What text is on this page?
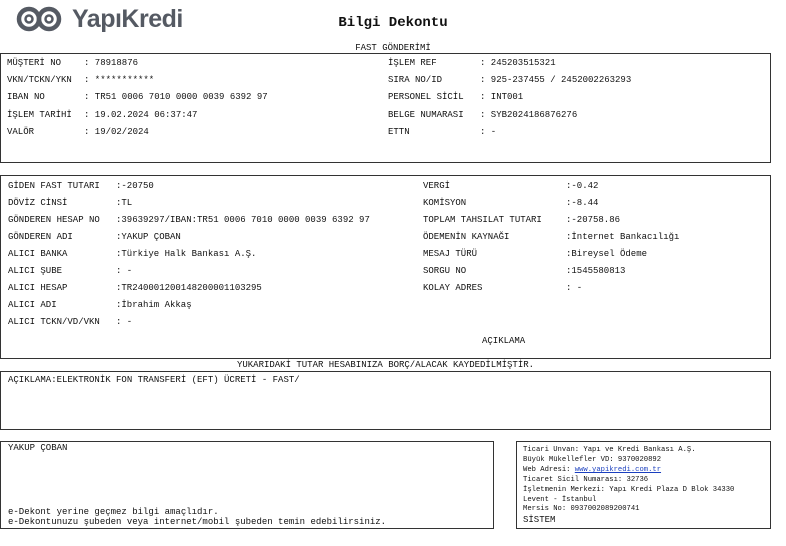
YapıKredi	Bilgi Dekontu
FAST GÖNDERİMİ
MÜŞTERİ NO	: 78918876
VKN/TCKN/YKN : ***********
IBAN NO	: TR51 0006 7010 0000 0039 6392 97
İŞLEM TARİHİ : 19.02.2024 06:37:47
VALÖR	: 19/02/2024
İŞLEM REF	: 245203515321
SIRA NO/ID	: 925-237455 / 2452002263293
PERSONEL SİCİL : INT001
BELGE NUMARASI : SYB2024186876276
ETTN	: -
GİDEN FAST TUTARI :-20750
DÖVİZ CİNSİ	:TL
GÖNDEREN HESAP NO :39639297/IBAN:TR51 0006 7010 0000 0039 6392 97
GÖNDEREN ADI	:YAKUP ÇOBAN
ALICI BANKA	:Türkiye Halk Bankası A.Ş.
ALICI ŞUBE	: -
ALICI HESAP	:TR240001200148200001103295
ALICI ADI	:İbrahim Akkaş
ALICI TCKN/VD/VKN : -
VERGİ	:-0.42
KOMİSYON	:-8.44
TOPLAM TAHSILAT TUTARI	:-20758.86
ÖDEMENİN KAYNAĞI	:İnternet Bankacılığı
MESAJ TÜRÜ	:Bireysel Ödeme
SORGU NO	:1545580813
KOLAY ADRES	: -
AÇIKLAMA
YUKARIDAKİ TUTAR HESABINIZA BORÇ/ALACAK KAYDEDİLMİŞTİR.
AÇIKLAMA:ELEKTRONİK FON TRANSFERİ (EFT) ÜCRETİ - FAST/
YAKUP ÇOBAN
e-Dekont yerine geçmez bilgi amaçlıdır.
e-Dekontunuzu şubeden veya internet/mobil şubeden temin edebilirsiniz.
Ticari Unvan: Yapı ve Kredi Bankası A.Ş.
Büyük Mükellefler VD: 9370020892
Web Adresi: www.yapikredi.com.tr
Ticaret Sicil Numarası: 32736
İşletmenin Merkezi: Yapı Kredi Plaza D Blok 34330
Levent - İstanbul
Mersis No: 0937002089200741
SİSTEM
